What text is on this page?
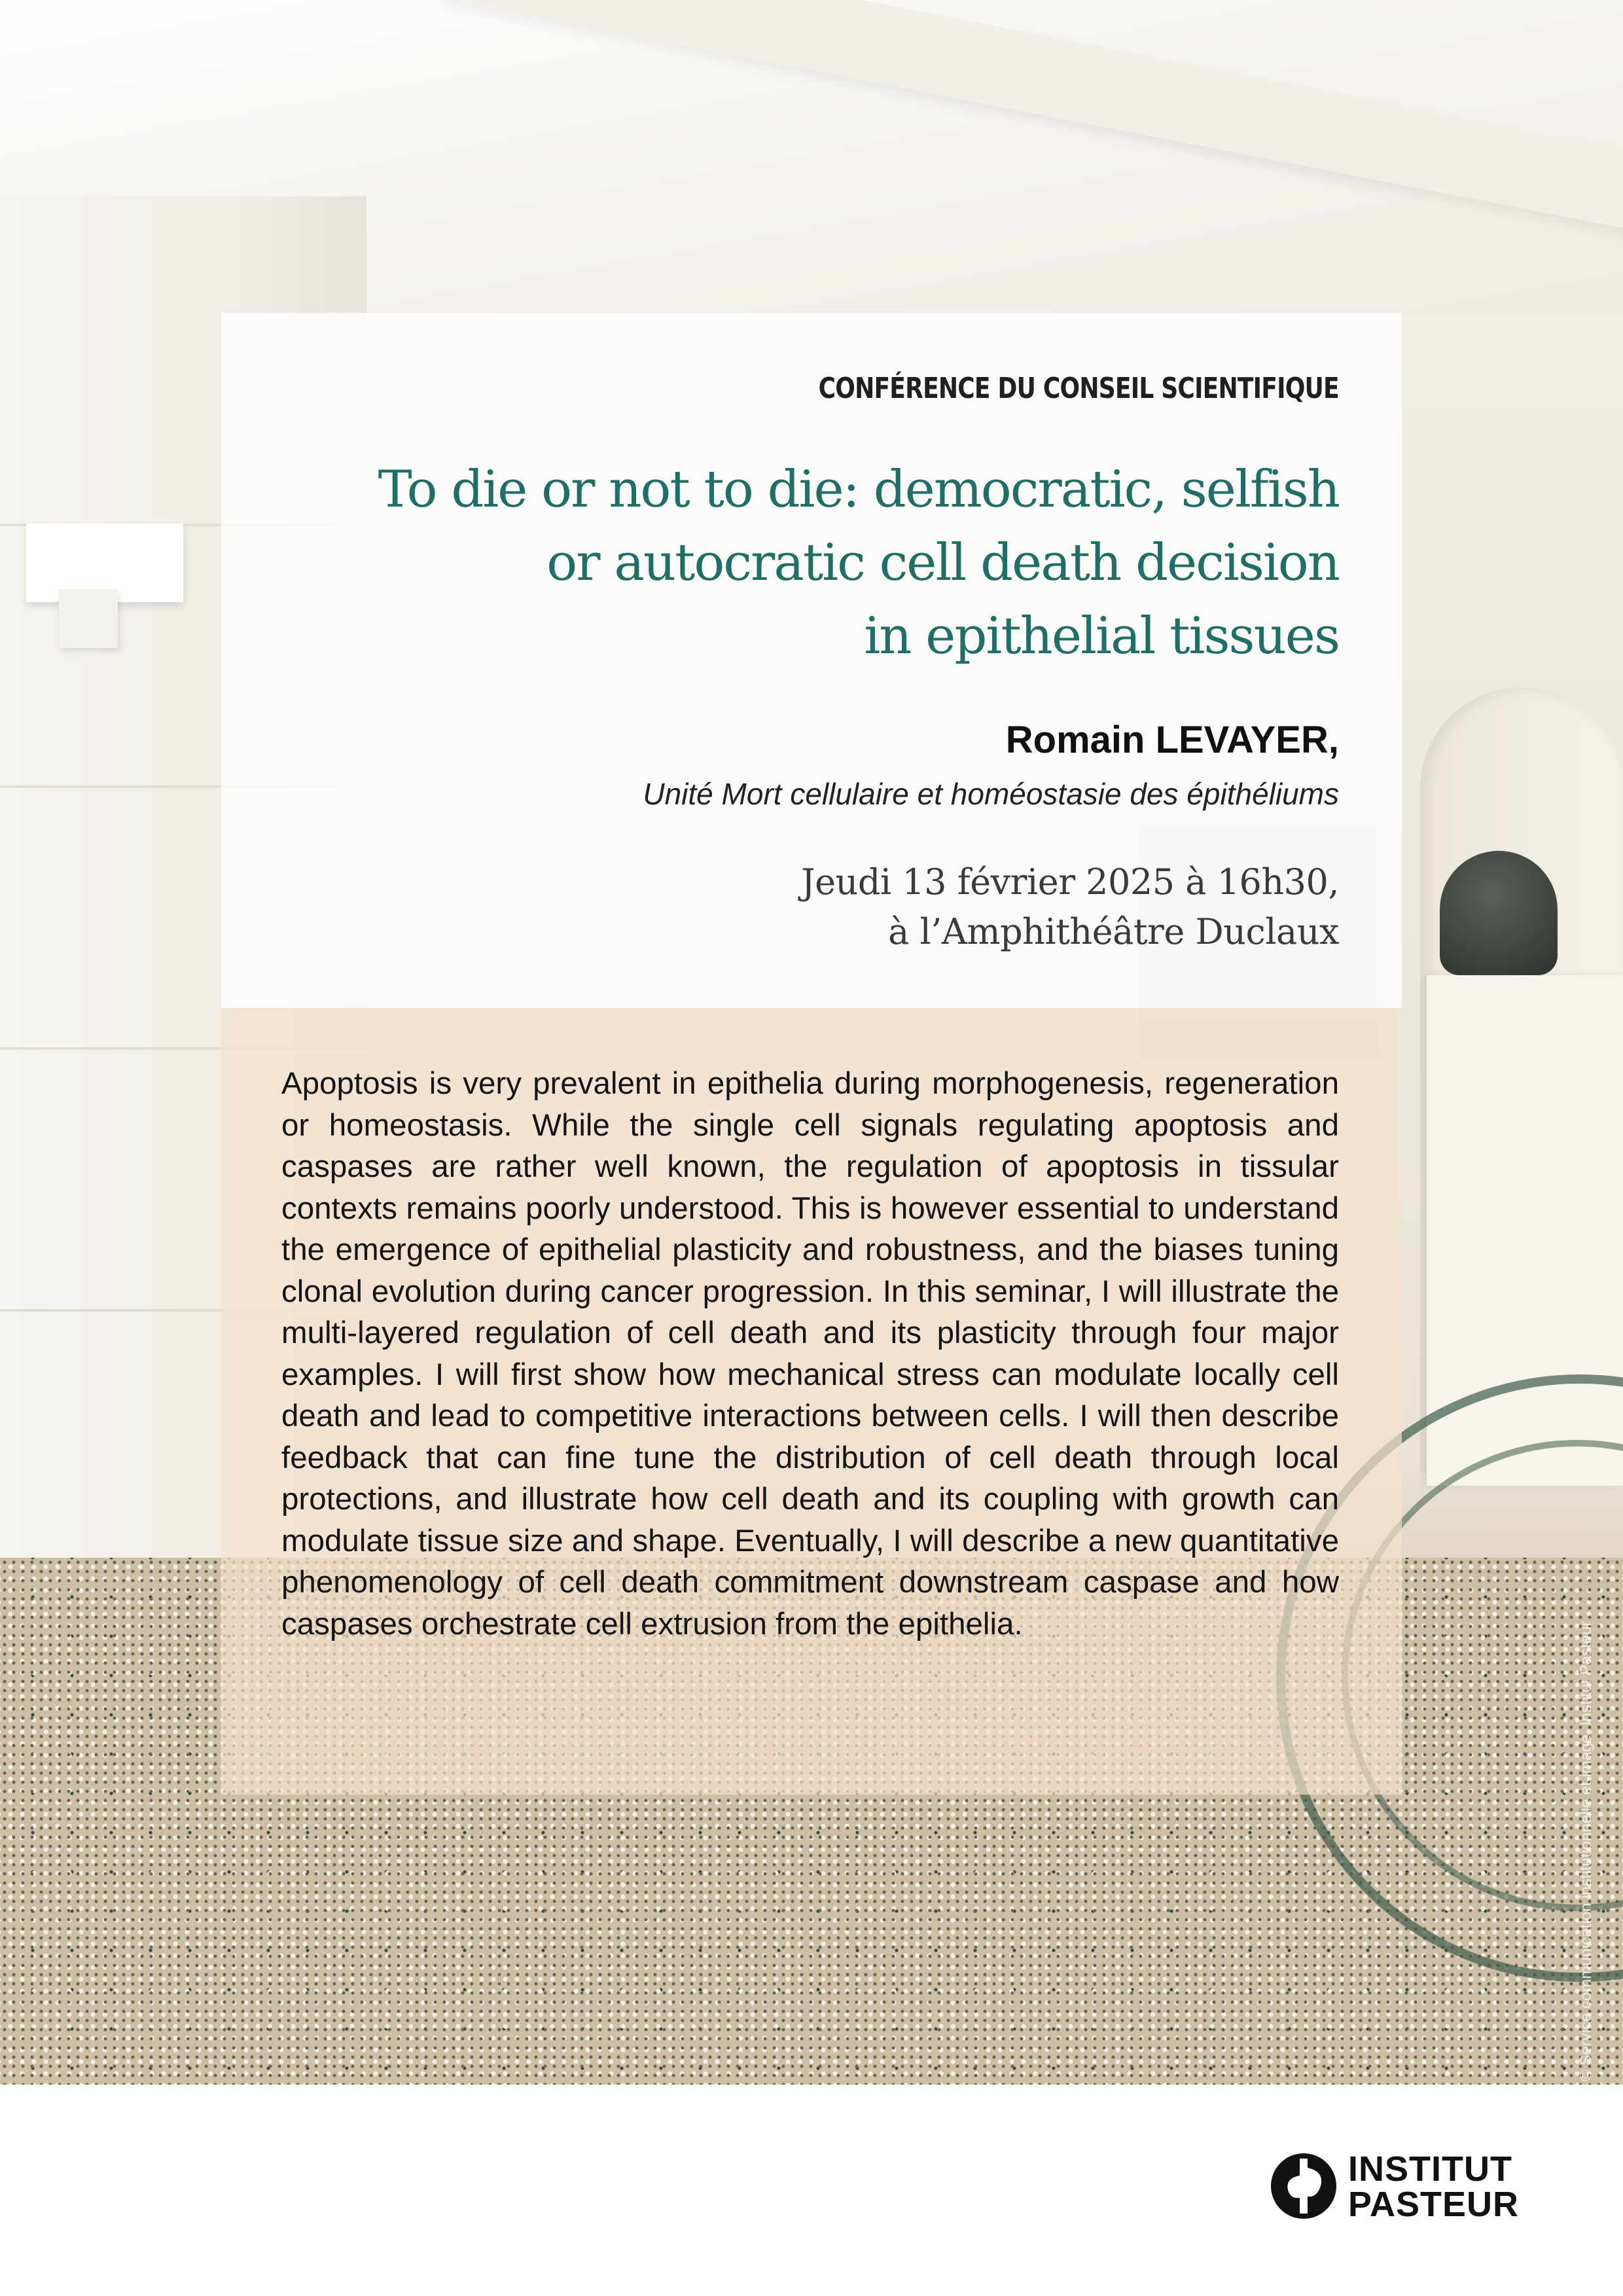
CONFÉRENCE DU CONSEIL SCIENTIFIQUE
To die or not to die: democratic, selfish
or autocratic cell death decision
in epithelial tissues
Romain LEVAYER,
Unité Mort cellulaire et homéostasie des épithéliums
Jeudi 13 février 2025 à 16h30,
à l’Amphithéâtre Duclaux
Apoptosis is very prevalent in epithelia during morphogenesis, regeneration or homeostasis. While the single cell signals regulating apoptosis and caspases are rather well known, the regulation of apoptosis in tissular contexts remains poorly understood. This is however essential to understand the emergence of epithelial plasticity and robustness, and the biases tuning clonal evolution during cancer progression. In this seminar, I will illustrate the multi-layered regulation of cell death and its plasticity through four major examples. I will first show how mechanical stress can modulate locally cell death and lead to competitive interactions between cells. I will then describe feedback that can fine tune the distribution of cell death through local protections, and illustrate how cell death and its coupling with growth can modulate tissue size and shape. Eventually, I will describe a new quantitative phenomenology of cell death commitment downstream caspase and how caspases orchestrate cell extrusion from the epithelia.	© Service communication institutionnelle et image, Institut Pasteur
INSTITUT
PASTEUR
